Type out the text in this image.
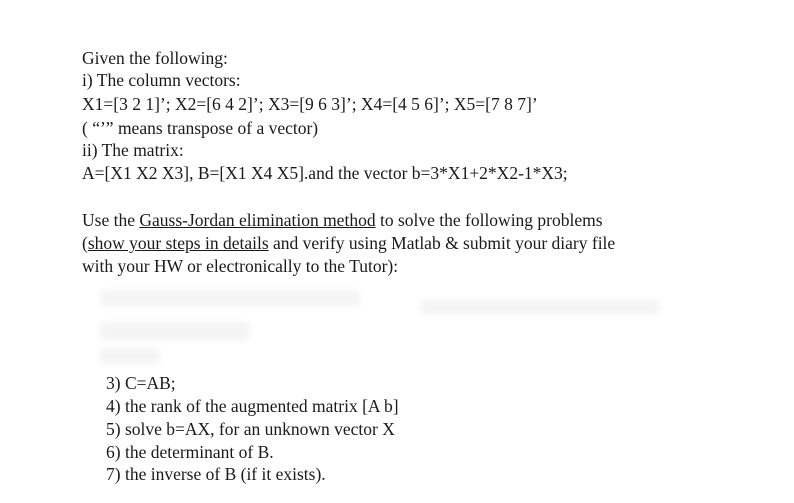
Given the following:
i) The column vectors:
X1=[3 2 1]’; X2=[6 4 2]’; X3=[9 6 3]’; X4=[4 5 6]’; X5=[7 8 7]’
( “’” means transpose of a vector)
ii) The matrix:
A=[X1 X2 X3], B=[X1 X4 X5].and the vector b=3*X1+2*X2-1*X3;
Use the Gauss-Jordan elimination method to solve the following problems
(show your steps in details and verify using Matlab & submit your diary file
with your HW or electronically to the Tutor):
3) C=AB;
4) the rank of the augmented matrix [A b]
5) solve b=AX, for an unknown vector X
6) the determinant of B.
7) the inverse of B (if it exists).
